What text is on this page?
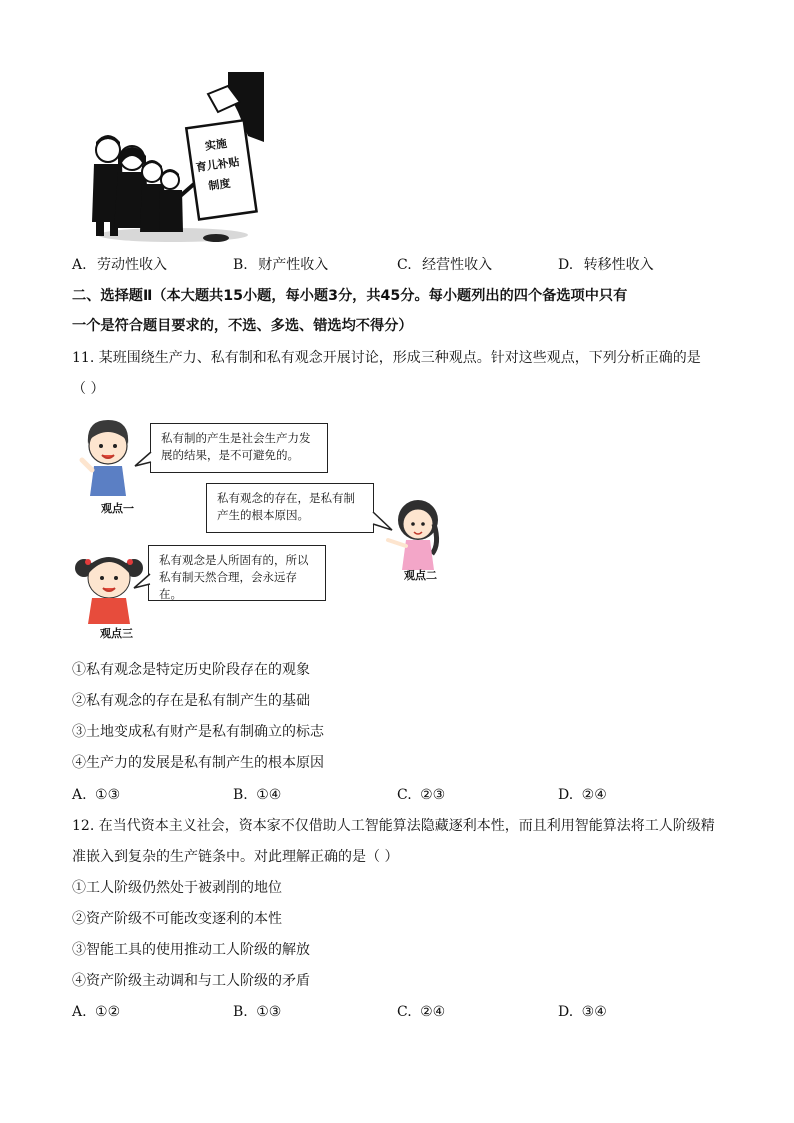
实施
育儿补贴
制度
A. 劳动性收入	B. 财产性收入	C. 经营性收入	D. 转移性收入
二、选择题Ⅱ（本大题共15小题，每小题3分，共45分。每小题列出的四个备选项中只有
一个是符合题目要求的，不选、多选、错选均不得分）
11. 某班围绕生产力、私有制和私有观念开展讨论，形成三种观点。针对这些观点，下列分析正确的是
（ ）
私有制的产生是社会生产力发展的结果，是不可避免的。
观点一
私有观念的存在，是私有制产生的根本原因。
观点二
私有观念是人所固有的，所以私有制天然合理，会永远存在。
观点三
①私有观念是特定历史阶段存在的观象
②私有观念的存在是私有制产生的基础
③土地变成私有财产是私有制确立的标志
④生产力的发展是私有制产生的根本原因
A. ①③	B. ①④	C. ②③	D. ②④
12. 在当代资本主义社会，资本家不仅借助人工智能算法隐藏逐利本性，而且利用智能算法将工人阶级精
准嵌入到复杂的生产链条中。对此理解正确的是（ ）
①工人阶级仍然处于被剥削的地位
②资产阶级不可能改变逐利的本性
③智能工具的使用推动工人阶级的解放
④资产阶级主动调和与工人阶级的矛盾
A. ①②	B. ①③	C. ②④	D. ③④
